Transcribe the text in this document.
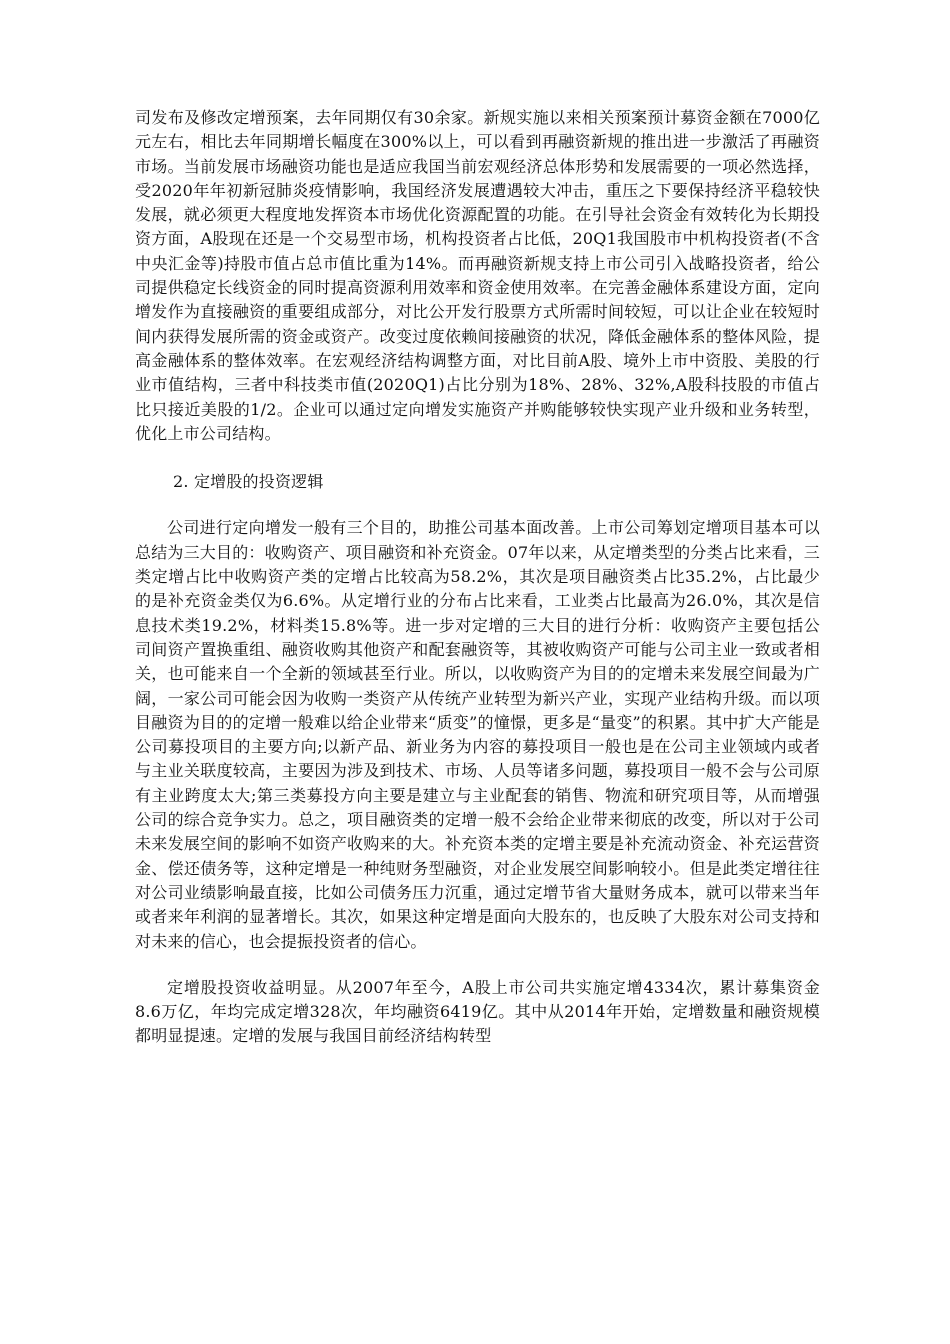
司发布及修改定增预案，去年同期仅有30余家。新规实施以来相关预案预计募资金额在7000亿元左右，相比去年同期增长幅度在300%以上，可以看到再融资新规的推出进一步激活了再融资市场。当前发展市场融资功能也是适应我国当前宏观经济总体形势和发展需要的一项必然选择，受2020年年初新冠肺炎疫情影响，我国经济发展遭遇较大冲击，重压之下要保持经济平稳较快发展，就必须更大程度地发挥资本市场优化资源配置的功能。在引导社会资金有效转化为长期投资方面，A股现在还是一个交易型市场，机构投资者占比低，20Q1我国股市中机构投资者(不含中央汇金等)持股市值占总市值比重为14%。而再融资新规支持上市公司引入战略投资者，给公司提供稳定长线资金的同时提高资源利用效率和资金使用效率。在完善金融体系建设方面，定向增发作为直接融资的重要组成部分，对比公开发行股票方式所需时间较短，可以让企业在较短时间内获得发展所需的资金或资产。改变过度依赖间接融资的状况，降低金融体系的整体风险，提高金融体系的整体效率。在宏观经济结构调整方面，对比目前A股、境外上市中资股、美股的行业市值结构，三者中科技类市值(2020Q1)占比分别为18%、28%、32%,A股科技股的市值占比只接近美股的1/2。企业可以通过定向增发实施资产并购能够较快实现产业升级和业务转型，优化上市公司结构。

2. 定增股的投资逻辑

公司进行定向增发一般有三个目的，助推公司基本面改善。上市公司筹划定增项目基本可以总结为三大目的：收购资产、项目融资和补充资金。07年以来，从定增类型的分类占比来看，三类定增占比中收购资产类的定增占比较高为58.2%，其次是项目融资类占比35.2%，占比最少的是补充资金类仅为6.6%。从定增行业的分布占比来看，工业类占比最高为26.0%，其次是信息技术类19.2%，材料类15.8%等。进一步对定增的三大目的进行分析：收购资产主要包括公司间资产置换重组、融资收购其他资产和配套融资等，其被收购资产可能与公司主业一致或者相关，也可能来自一个全新的领域甚至行业。所以，以收购资产为目的的定增未来发展空间最为广阔，一家公司可能会因为收购一类资产从传统产业转型为新兴产业，实现产业结构升级。而以项目融资为目的的定增一般难以给企业带来“质变”的憧憬，更多是“量变”的积累。其中扩大产能是公司募投项目的主要方向;以新产品、新业务为内容的募投项目一般也是在公司主业领域内或者与主业关联度较高，主要因为涉及到技术、市场、人员等诸多问题，募投项目一般不会与公司原有主业跨度太大;第三类募投方向主要是建立与主业配套的销售、物流和研究项目等，从而增强公司的综合竞争实力。总之，项目融资类的定增一般不会给企业带来彻底的改变，所以对于公司未来发展空间的影响不如资产收购来的大。补充资本类的定增主要是补充流动资金、补充运营资金、偿还债务等，这种定增是一种纯财务型融资，对企业发展空间影响较小。但是此类定增往往对公司业绩影响最直接，比如公司债务压力沉重，通过定增节省大量财务成本，就可以带来当年或者来年利润的显著增长。其次，如果这种定增是面向大股东的，也反映了大股东对公司支持和对未来的信心，也会提振投资者的信心。

定增股投资收益明显。从2007年至今，A股上市公司共实施定增4334次，累计募集资金8.6万亿，年均完成定增328次，年均融资6419亿。其中从2014年开始，定增数量和融资规模都明显提速。定增的发展与我国目前经济结构转型
